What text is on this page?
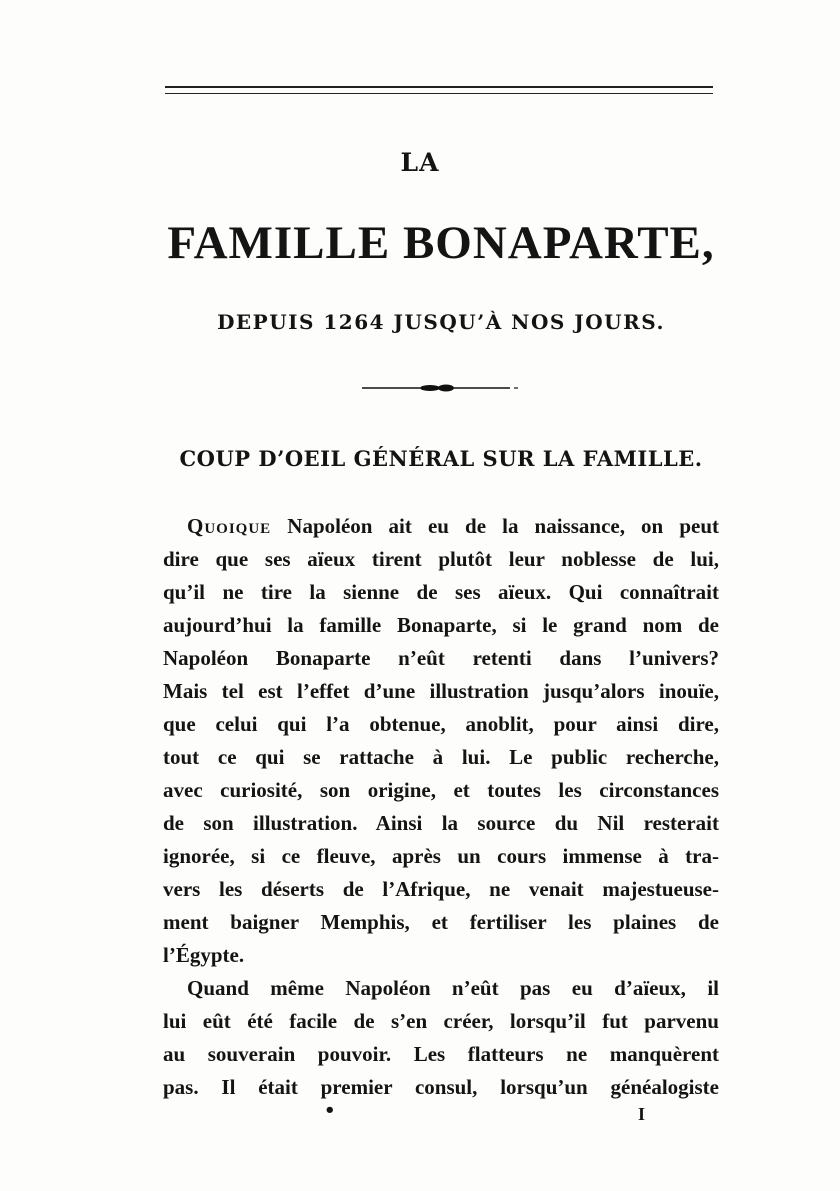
LA
FAMILLE BONAPARTE,
DEPUIS 1264 JUSQU’À NOS JOURS.
COUP D’OEIL GÉNÉRAL SUR LA FAMILLE.
Quoique Napoléon ait eu de la naissance, on peut
dire que ses aïeux tirent plutôt leur noblesse de lui,
qu’il ne tire la sienne de ses aïeux. Qui connaîtrait
aujourd’hui la famille Bonaparte, si le grand nom de
Napoléon Bonaparte n’eût retenti dans l’univers?
Mais tel est l’effet d’une illustration jusqu’alors inouïe,
que celui qui l’a obtenue, anoblit, pour ainsi dire,
tout ce qui se rattache à lui. Le public recherche,
avec curiosité, son origine, et toutes les circonstances
de son illustration. Ainsi la source du Nil resterait
ignorée, si ce fleuve, après un cours immense à tra-
vers les déserts de l’Afrique, ne venait majestueuse-
ment baigner Memphis, et fertiliser les plaines de
l’Égypte.
Quand même Napoléon n’eût pas eu d’aïeux, il
lui eût été facile de s’en créer, lorsqu’il fut parvenu
au souverain pouvoir. Les flatteurs ne manquèrent
pas. Il était premier consul, lorsqu’un généalogiste
•	I
